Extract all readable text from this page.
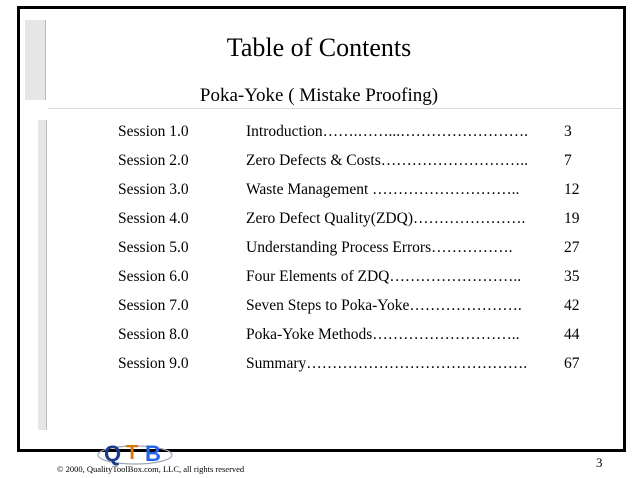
Table of Contents
Poka-Yoke ( Mistake Proofing)
Session 1.0	Introduction…….……...……………………. 3
Session 2.0	Zero Defects & Costs……………………….. 7
Session 3.0	Waste Management ………………………..	12
Session 4.0	Zero Defect Quality(ZDQ)…………………. 19
Session 5.0	Understanding Process Errors…………….	27
Session 6.0	Four Elements of ZDQ……………………..	35
Session 7.0	Seven Steps to Poka-Yoke………………….	42
Session 8.0	Poka-Yoke Methods………………………..	44
Session 9.0	Summary……………………………………. 67
Q T B
© 2000, QualityToolBox.com, LLC, all rights reserved	3
